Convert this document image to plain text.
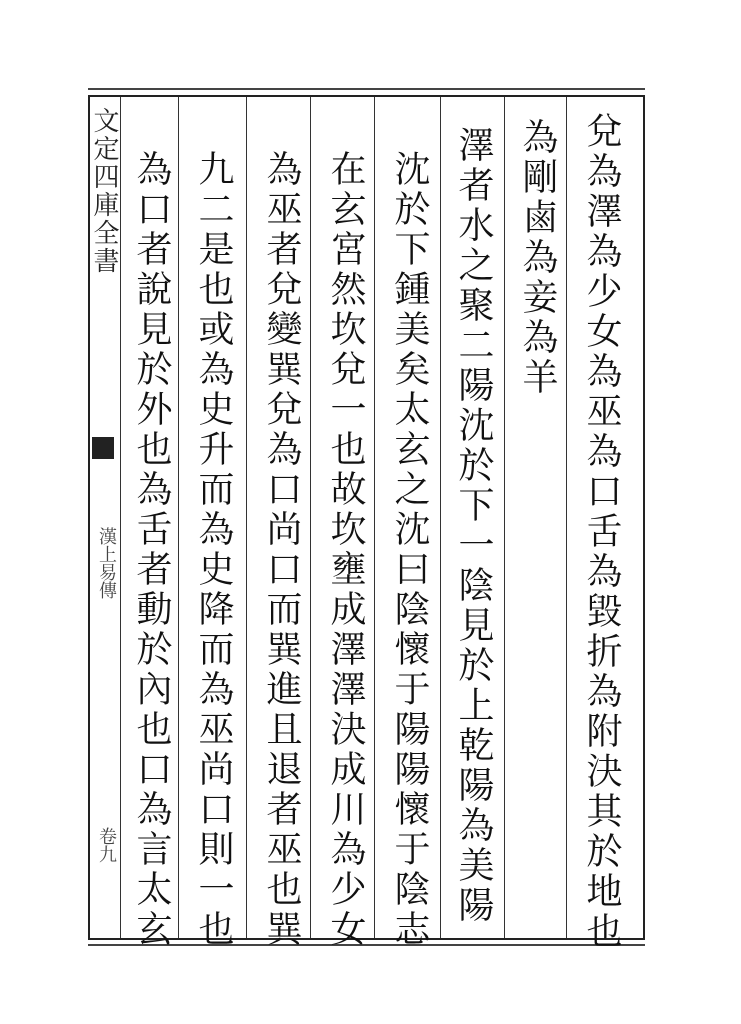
文定四庫全書
漢上易傳
卷九	兌為澤為少女為巫為口舌為毀折為附決其於地也
為剛鹵為妾為羊
澤者水之聚二陽沈於下一陰見於上乾陽為美陽
沈於下鍾美矣太玄之沈曰陰懷于陽陽懷于陰志
在玄宮然坎兌一也故坎壅成澤澤決成川為少女
為巫者兌變巽兌為口尚口而巽進且退者巫也巽
九二是也或為史升而為史降而為巫尚口則一也
為口者說見於外也為舌者動於內也口為言太玄
